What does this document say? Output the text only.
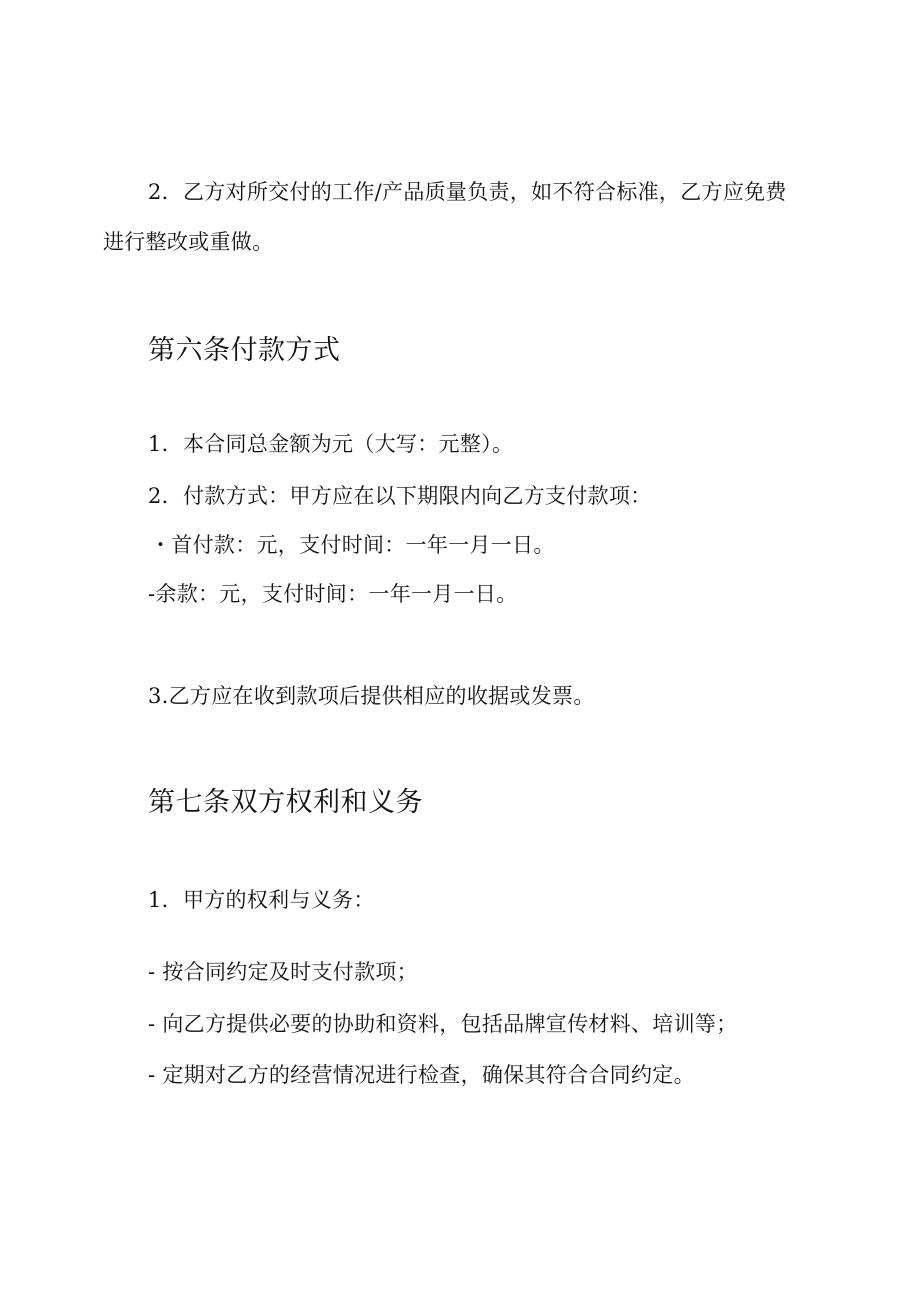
2．乙方对所交付的工作/产品质量负责，如不符合标准，乙方应免费
进行整改或重做。
第六条付款方式
1．本合同总金额为元（大写：元整）。
2．付款方式：甲方应在以下期限内向乙方支付款项：
・首付款：元，支付时间：一年一月一日。
-余款：元，支付时间：一年一月一日。
3.乙方应在收到款项后提供相应的收据或发票。
第七条双方权利和义务
1．甲方的权利与义务：
- 按合同约定及时支付款项；
- 向乙方提供必要的协助和资料，包括品牌宣传材料、培训等；
- 定期对乙方的经营情况进行检查，确保其符合合同约定。
